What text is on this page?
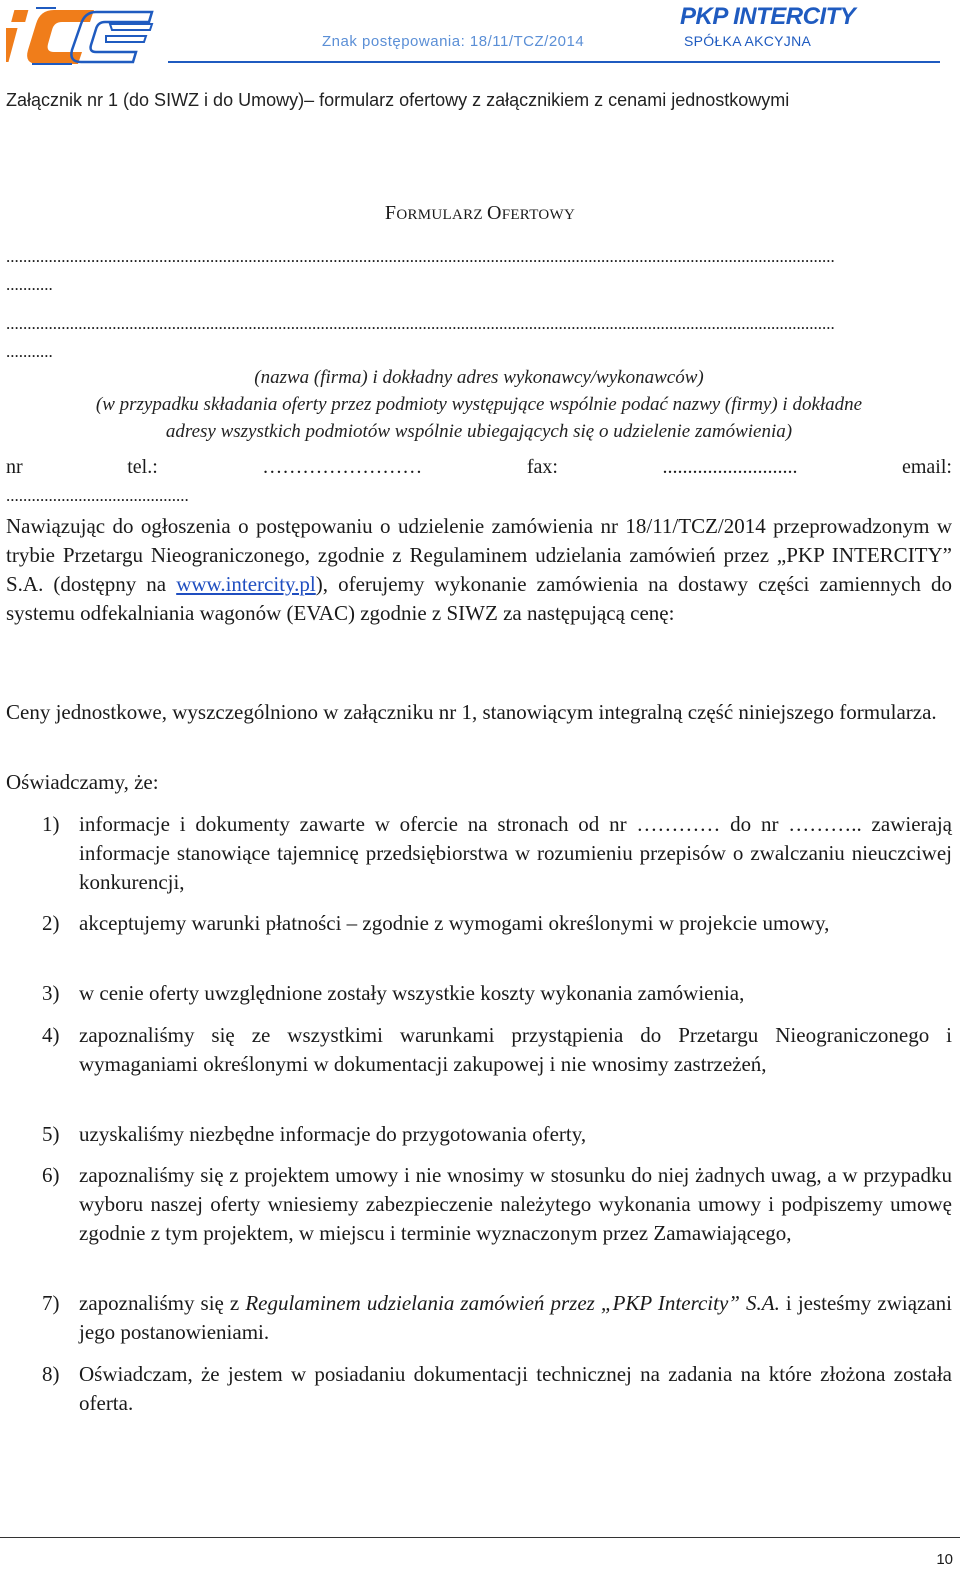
Znak postępowania: 18/11/TCZ/2014
PKP INTERCITY
SPÓŁKA AKCYJNA
Załącznik nr 1 (do SIWZ i do Umowy)– formularz ofertowy z załącznikiem z cenami jednostkowymi
FORMULARZ OFERTOWY
...................................................................................................................................................................................................
...........
...................................................................................................................................................................................................
...........
(nazwa (firma) i dokładny adres wykonawcy/wykonawców)
(w przypadku składania oferty przez podmioty występujące wspólnie podać nazwy (firmy) i dokładne
adresy wszystkich podmiotów wspólnie ubiegających się o udzielenie zamówienia)
nr	tel.:	……………………	fax:	...........................	email:
...........................................
Nawiązując do ogłoszenia o postępowaniu o udzielenie zamówienia nr 18/11/TCZ/2014 przeprowadzonym w trybie Przetargu Nieograniczonego, zgodnie z Regulaminem udzielania zamówień przez „PKP INTERCITY” S.A. (dostępny na www.intercity.pl), oferujemy wykonanie zamówienia na dostawy części zamiennych do systemu odfekalniania wagonów (EVAC) zgodnie z SIWZ za następującą cenę:
Ceny jednostkowe, wyszczególniono w załączniku nr 1, stanowiącym integralną część niniejszego formularza.
Oświadczamy, że:
1) informacje i dokumenty zawarte w ofercie na stronach od nr ………… do nr ……….. zawierają informacje stanowiące tajemnicę przedsiębiorstwa w rozumieniu przepisów o zwalczaniu nieuczciwej konkurencji,
2) akceptujemy warunki płatności – zgodnie z wymogami określonymi w projekcie umowy,
3) w cenie oferty uwzględnione zostały wszystkie koszty wykonania zamówienia,
4) zapoznaliśmy się ze wszystkimi warunkami przystąpienia do Przetargu Nieograniczonego i wymaganiami określonymi w dokumentacji zakupowej i nie wnosimy zastrzeżeń,
5) uzyskaliśmy niezbędne informacje do przygotowania oferty,
6) zapoznaliśmy się z projektem umowy i nie wnosimy w stosunku do niej żadnych uwag, a w przypadku wyboru naszej oferty wniesiemy zabezpieczenie należytego wykonania umowy i podpiszemy umowę zgodnie z tym projektem, w miejscu i terminie wyznaczonym przez Zamawiającego,
7) zapoznaliśmy się z Regulaminem udzielania zamówień przez „PKP Intercity” S.A. i jesteśmy związani jego postanowieniami.
8) Oświadczam, że jestem w posiadaniu dokumentacji technicznej na zadania na które złożona została oferta.
10
